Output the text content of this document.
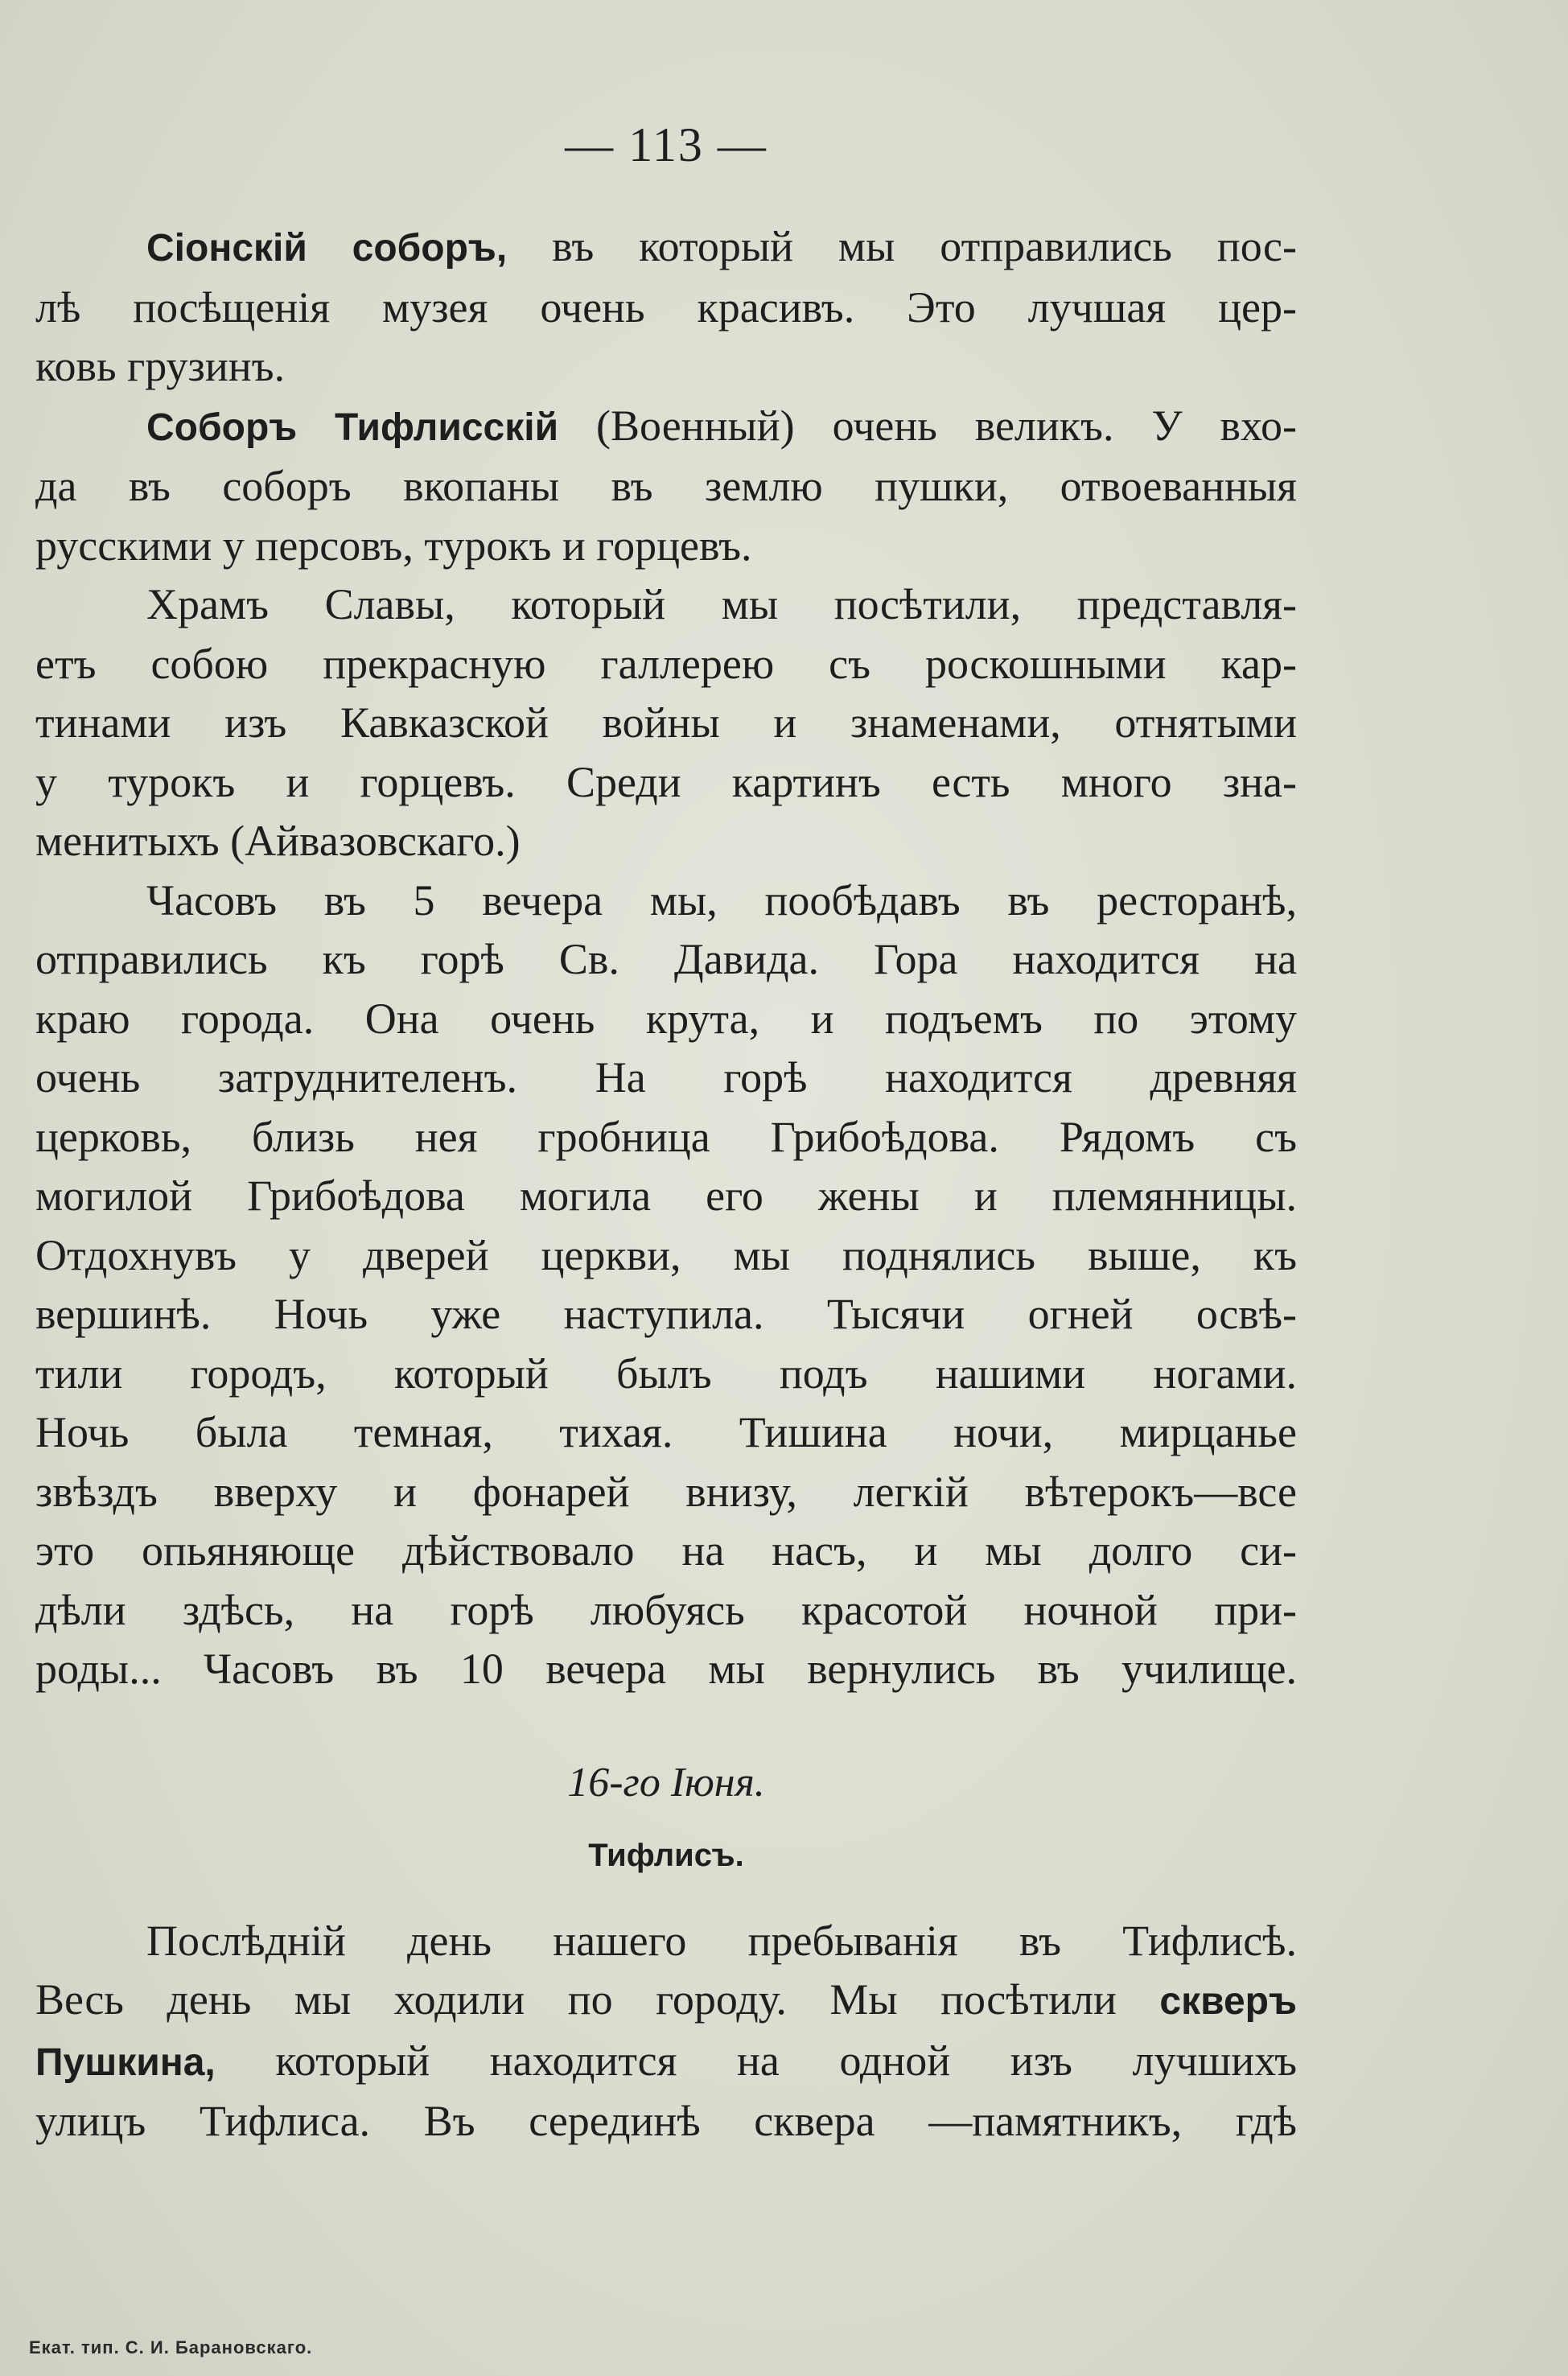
— 113 —

Сіонскій соборъ, въ который мы отправились пос-
лѣ посѣщенія музея очень красивъ. Это лучшая цер-
ковь грузинъ.

Соборъ Тифлисскій (Военный) очень великъ. У вхо-
да въ соборъ вкопаны въ землю пушки, отвоеванныя
русскими у персовъ, турокъ и горцевъ.

Храмъ Славы, который мы посѣтили, представля-
етъ собою прекрасную галлерею съ роскошными кар-
тинами изъ Кавказской войны и знаменами, отнятыми
у турокъ и горцевъ. Среди картинъ есть много зна-
менитыхъ (Айвазовскаго.)

Часовъ въ 5 вечера мы, пообѣдавъ въ ресторанѣ,
отправились къ горѣ Св. Давида. Гора находится на
краю города. Она очень крута, и подъемъ по этому
очень затруднителенъ. На горѣ находится древняя
церковь, близь нея гробница Грибоѣдова. Рядомъ съ
могилой Грибоѣдова могила его жены и племянницы.
Отдохнувъ у дверей церкви, мы поднялись выше, къ
вершинѣ. Ночь уже наступила. Тысячи огней освѣ-
тили городъ, который былъ подъ нашими ногами.
Ночь была темная, тихая. Тишина ночи, мирцанье
звѣздъ вверху и фонарей внизу, легкій вѣтерокъ—все
это опьяняюще дѣйствовало на насъ, и мы долго си-
дѣли здѣсь, на горѣ любуясь красотой ночной при-
роды... Часовъ въ 10 вечера мы вернулись въ училище.

16-го Іюня.
Тифлисъ.

Послѣдній день нашего пребыванія въ Тифлисѣ.
Весь день мы ходили по городу. Мы посѣтили скверъ
Пушкина, который находится на одной изъ лучшихъ
улицъ Тифлиса. Въ серединѣ сквера —памятникъ, гдѣ

Екат. тип. С. И. Барановскаго.
